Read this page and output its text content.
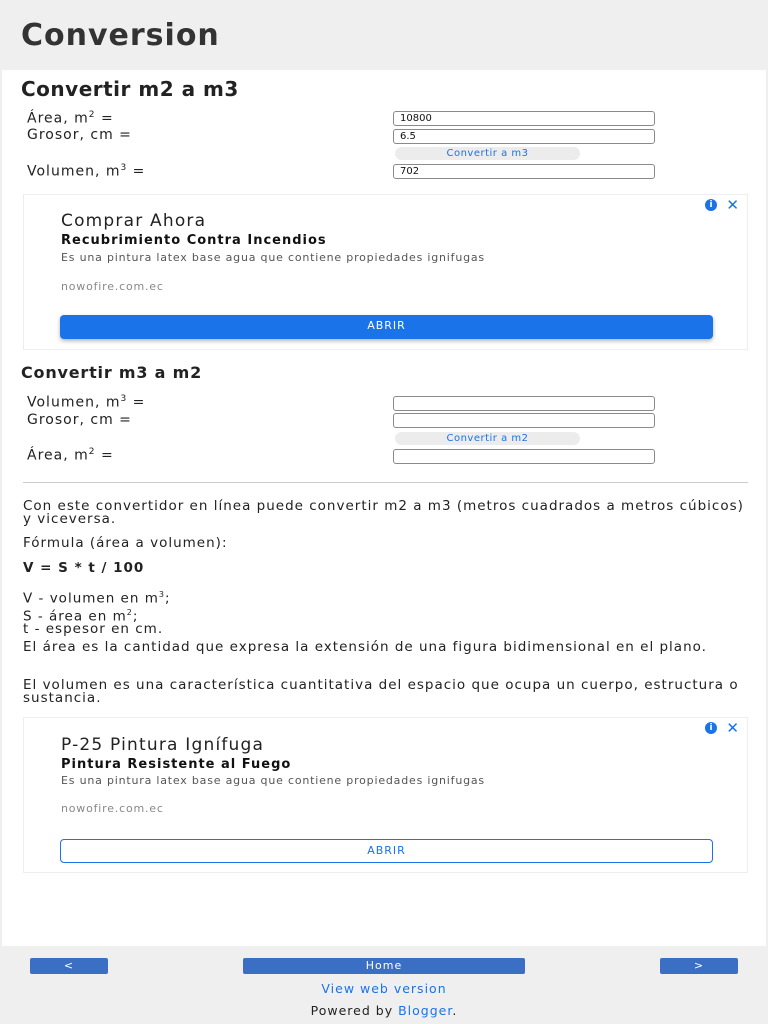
Conversion
Convertir m2 a m3
Área, $m^2$ =
10800
Grosor, cm =
6.5
Convertir a m3
Volumen, $m^3$ =
702
i ✕
Comprar Ahora
Recubrimiento Contra Incendios
Es una pintura latex base agua que contiene propiedades ignifugas
nowofire.com.ec
ABRIR
Convertir m3 a m2
Volumen, $m^3$ =
Grosor, cm =
Convertir a m2
Área, $m^2$ =
Con este convertidor en línea puede convertir m2 a m3 (metros cuadrados a metros cúbicos) y viceversa.
Fórmula (área a volumen):
V = S * t / 100
V - volumen en $m^3$;
S - área en $m^2$;
t - espesor en cm.
El área es la cantidad que expresa la extensión de una figura bidimensional en el plano.
El volumen es una característica cuantitativa del espacio que ocupa un cuerpo, estructura o sustancia.
i ✕
P-25 Pintura Ignífuga
Pintura Resistente al Fuego
Es una pintura latex base agua que contiene propiedades ignifugas
nowofire.com.ec
ABRIR
<	Home	>
View web version
Powered by Blogger.
